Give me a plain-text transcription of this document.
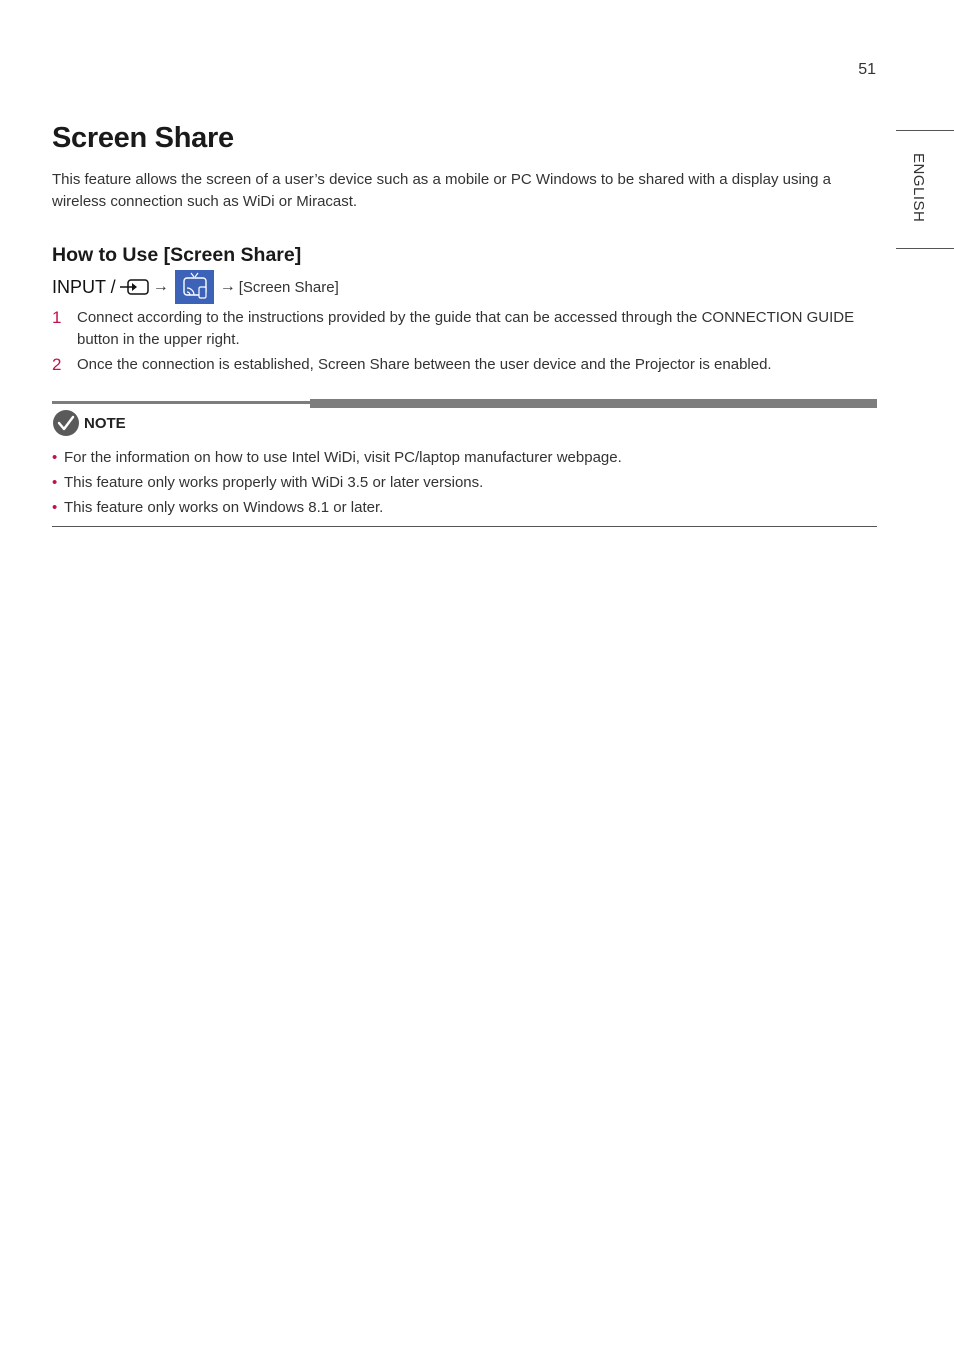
51
ENGLISH
Screen Share

This feature allows the screen of a user’s device such as a mobile or PC Windows to be shared with a display using a wireless connection such as WiDi or Miracast.

How to Use [Screen Share]
INPUT / →	→ [Screen Share]
1 Connect according to the instructions provided by the guide that can be accessed through the CONNECTION GUIDE button in the upper right.
2 Once the connection is established, Screen Share between the user device and the Projector is enabled.
NOTE
• For the information on how to use Intel WiDi, visit PC/laptop manufacturer webpage.
• This feature only works properly with WiDi 3.5 or later versions.
• This feature only works on Windows 8.1 or later.
